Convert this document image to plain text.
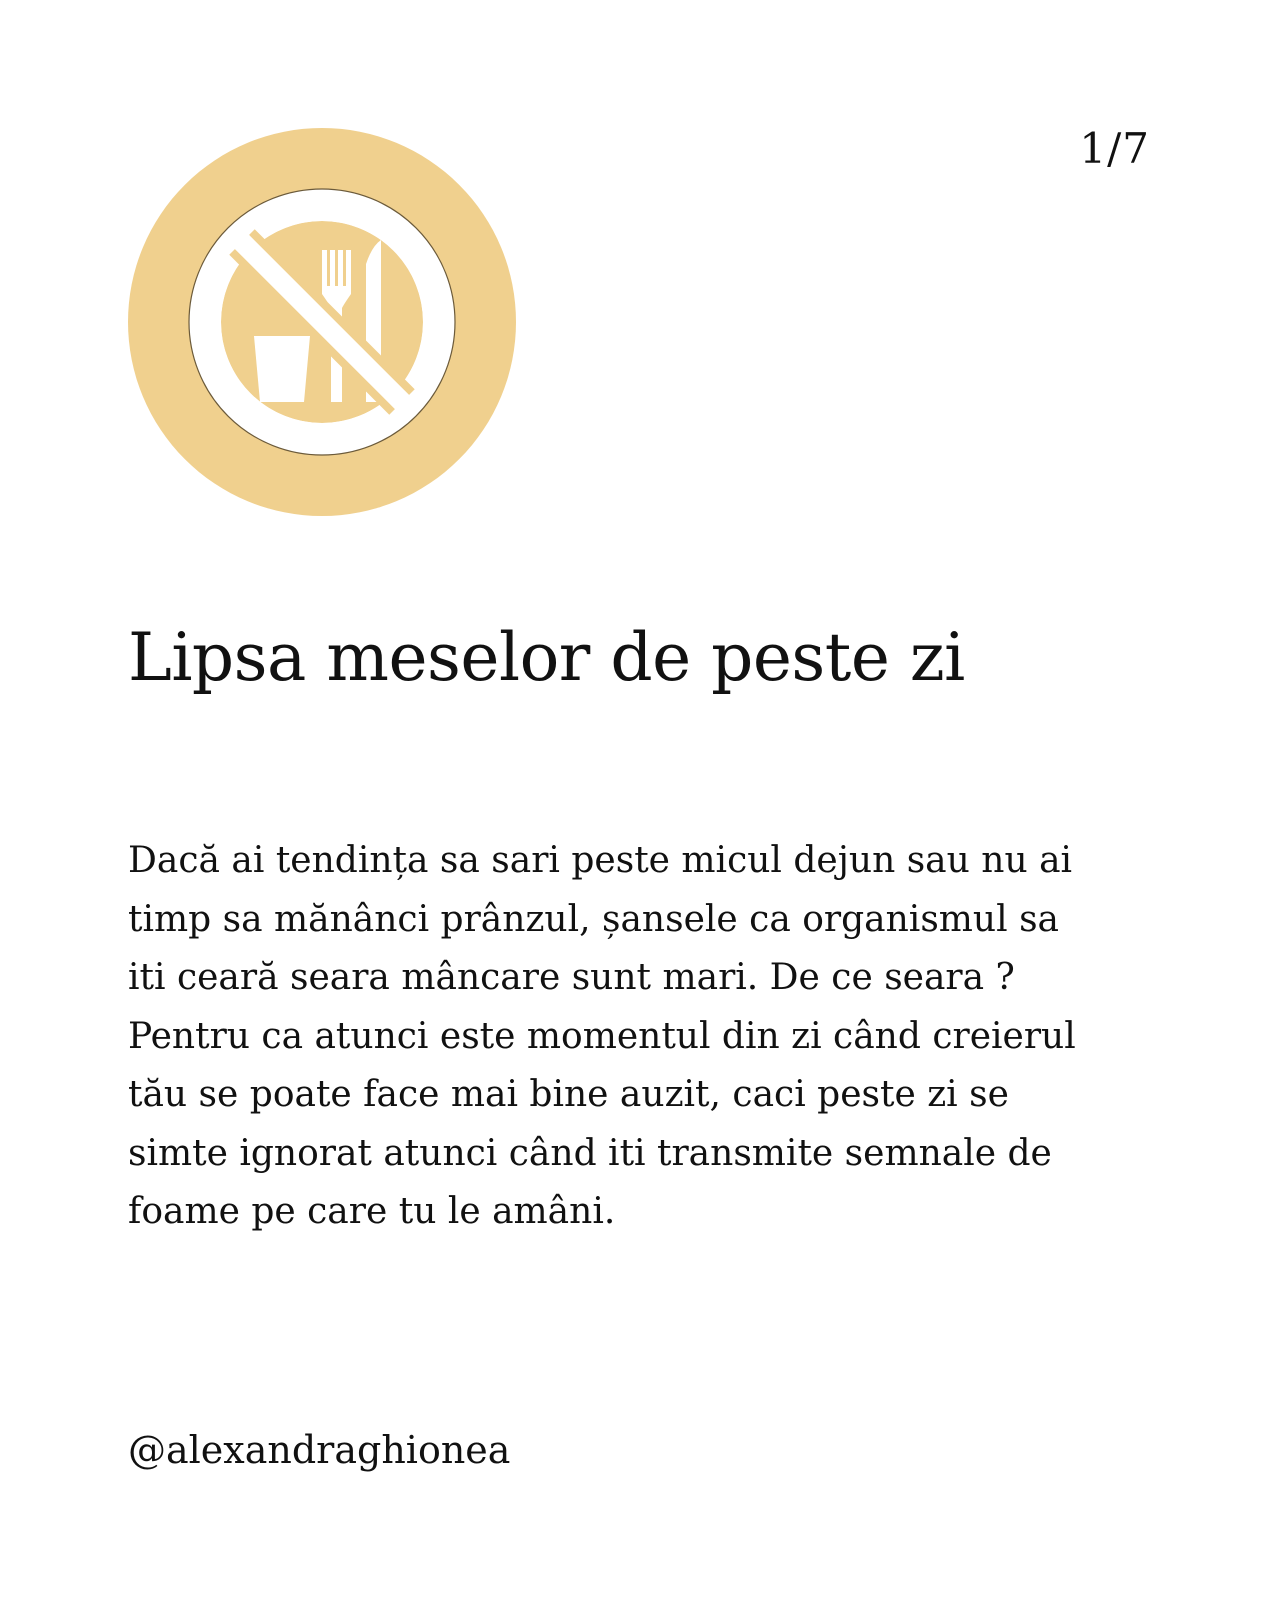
1/7
Lipsa meselor de peste zi

Dacă ai tendința sa sari peste micul dejun sau nu ai
timp sa mănânci prânzul, șansele ca organismul sa
iti ceară seara mâncare sunt mari. De ce seara ?
Pentru ca atunci este momentul din zi când creierul
tău se poate face mai bine auzit, caci peste zi se
simte ignorat atunci când iti transmite semnale de
foame pe care tu le amâni.

@alexandraghionea
